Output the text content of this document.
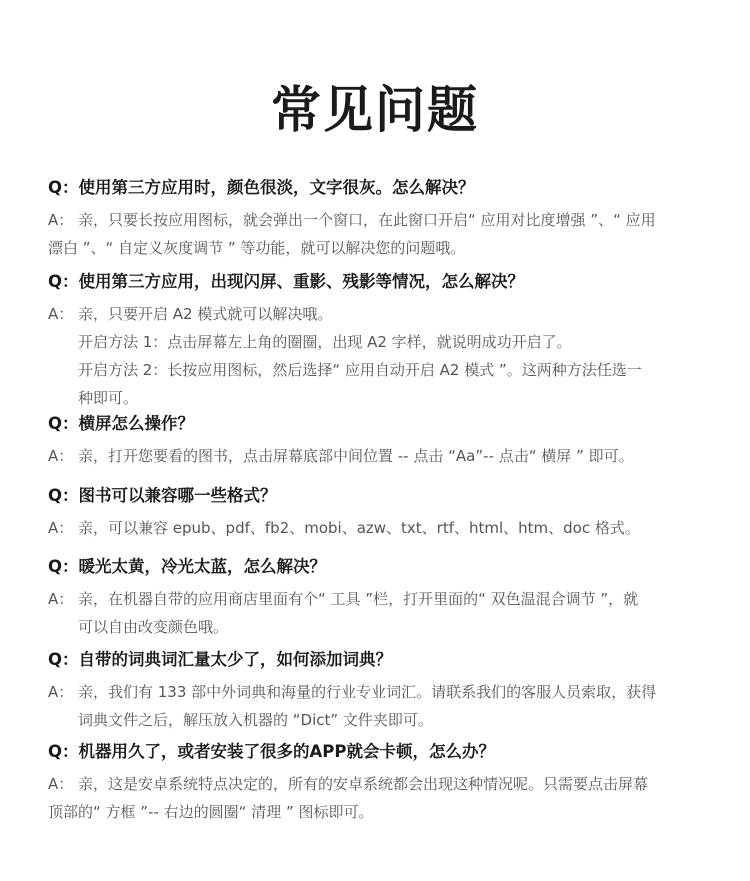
常见问题
Q：使用第三方应用时，颜色很淡，文字很灰。怎么解决？
A： 亲，只要长按应用图标，就会弹出一个窗口，在此窗口开启“ 应用对比度增强 ”、“ 应用
漂白 ”、“ 自定义灰度调节 ” 等功能，就可以解决您的问题哦。
Q：使用第三方应用，出现闪屏、重影、残影等情况，怎么解决？
A： 亲，只要开启 A2 模式就可以解决哦。
开启方法 1：点击屏幕左上角的圈圈，出现 A2 字样，就说明成功开启了。
开启方法 2：长按应用图标，然后选择“ 应用自动开启 A2 模式 ”。这两种方法任选一
种即可。
Q：横屏怎么操作？
A： 亲，打开您要看的图书，点击屏幕底部中间位置 -- 点击 “Aa”-- 点击“ 横屏 ” 即可。
Q：图书可以兼容哪一些格式？
A： 亲，可以兼容 epub、pdf、fb2、mobi、azw、txt、rtf、html、htm、doc 格式。
Q：暖光太黄，冷光太蓝，怎么解决？
A： 亲，在机器自带的应用商店里面有个“ 工具 ”栏，打开里面的“ 双色温混合调节 ”，就
可以自由改变颜色哦。
Q：自带的词典词汇量太少了，如何添加词典？
A： 亲，我们有 133 部中外词典和海量的行业专业词汇。请联系我们的客服人员索取，获得
词典文件之后，解压放入机器的 “Dict” 文件夹即可。
Q：机器用久了，或者安装了很多的APP就会卡顿，怎么办？
A： 亲，这是安卓系统特点决定的，所有的安卓系统都会出现这种情况呢。只需要点击屏幕
顶部的“ 方框 ”-- 右边的圆圈“ 清理 ” 图标即可。
